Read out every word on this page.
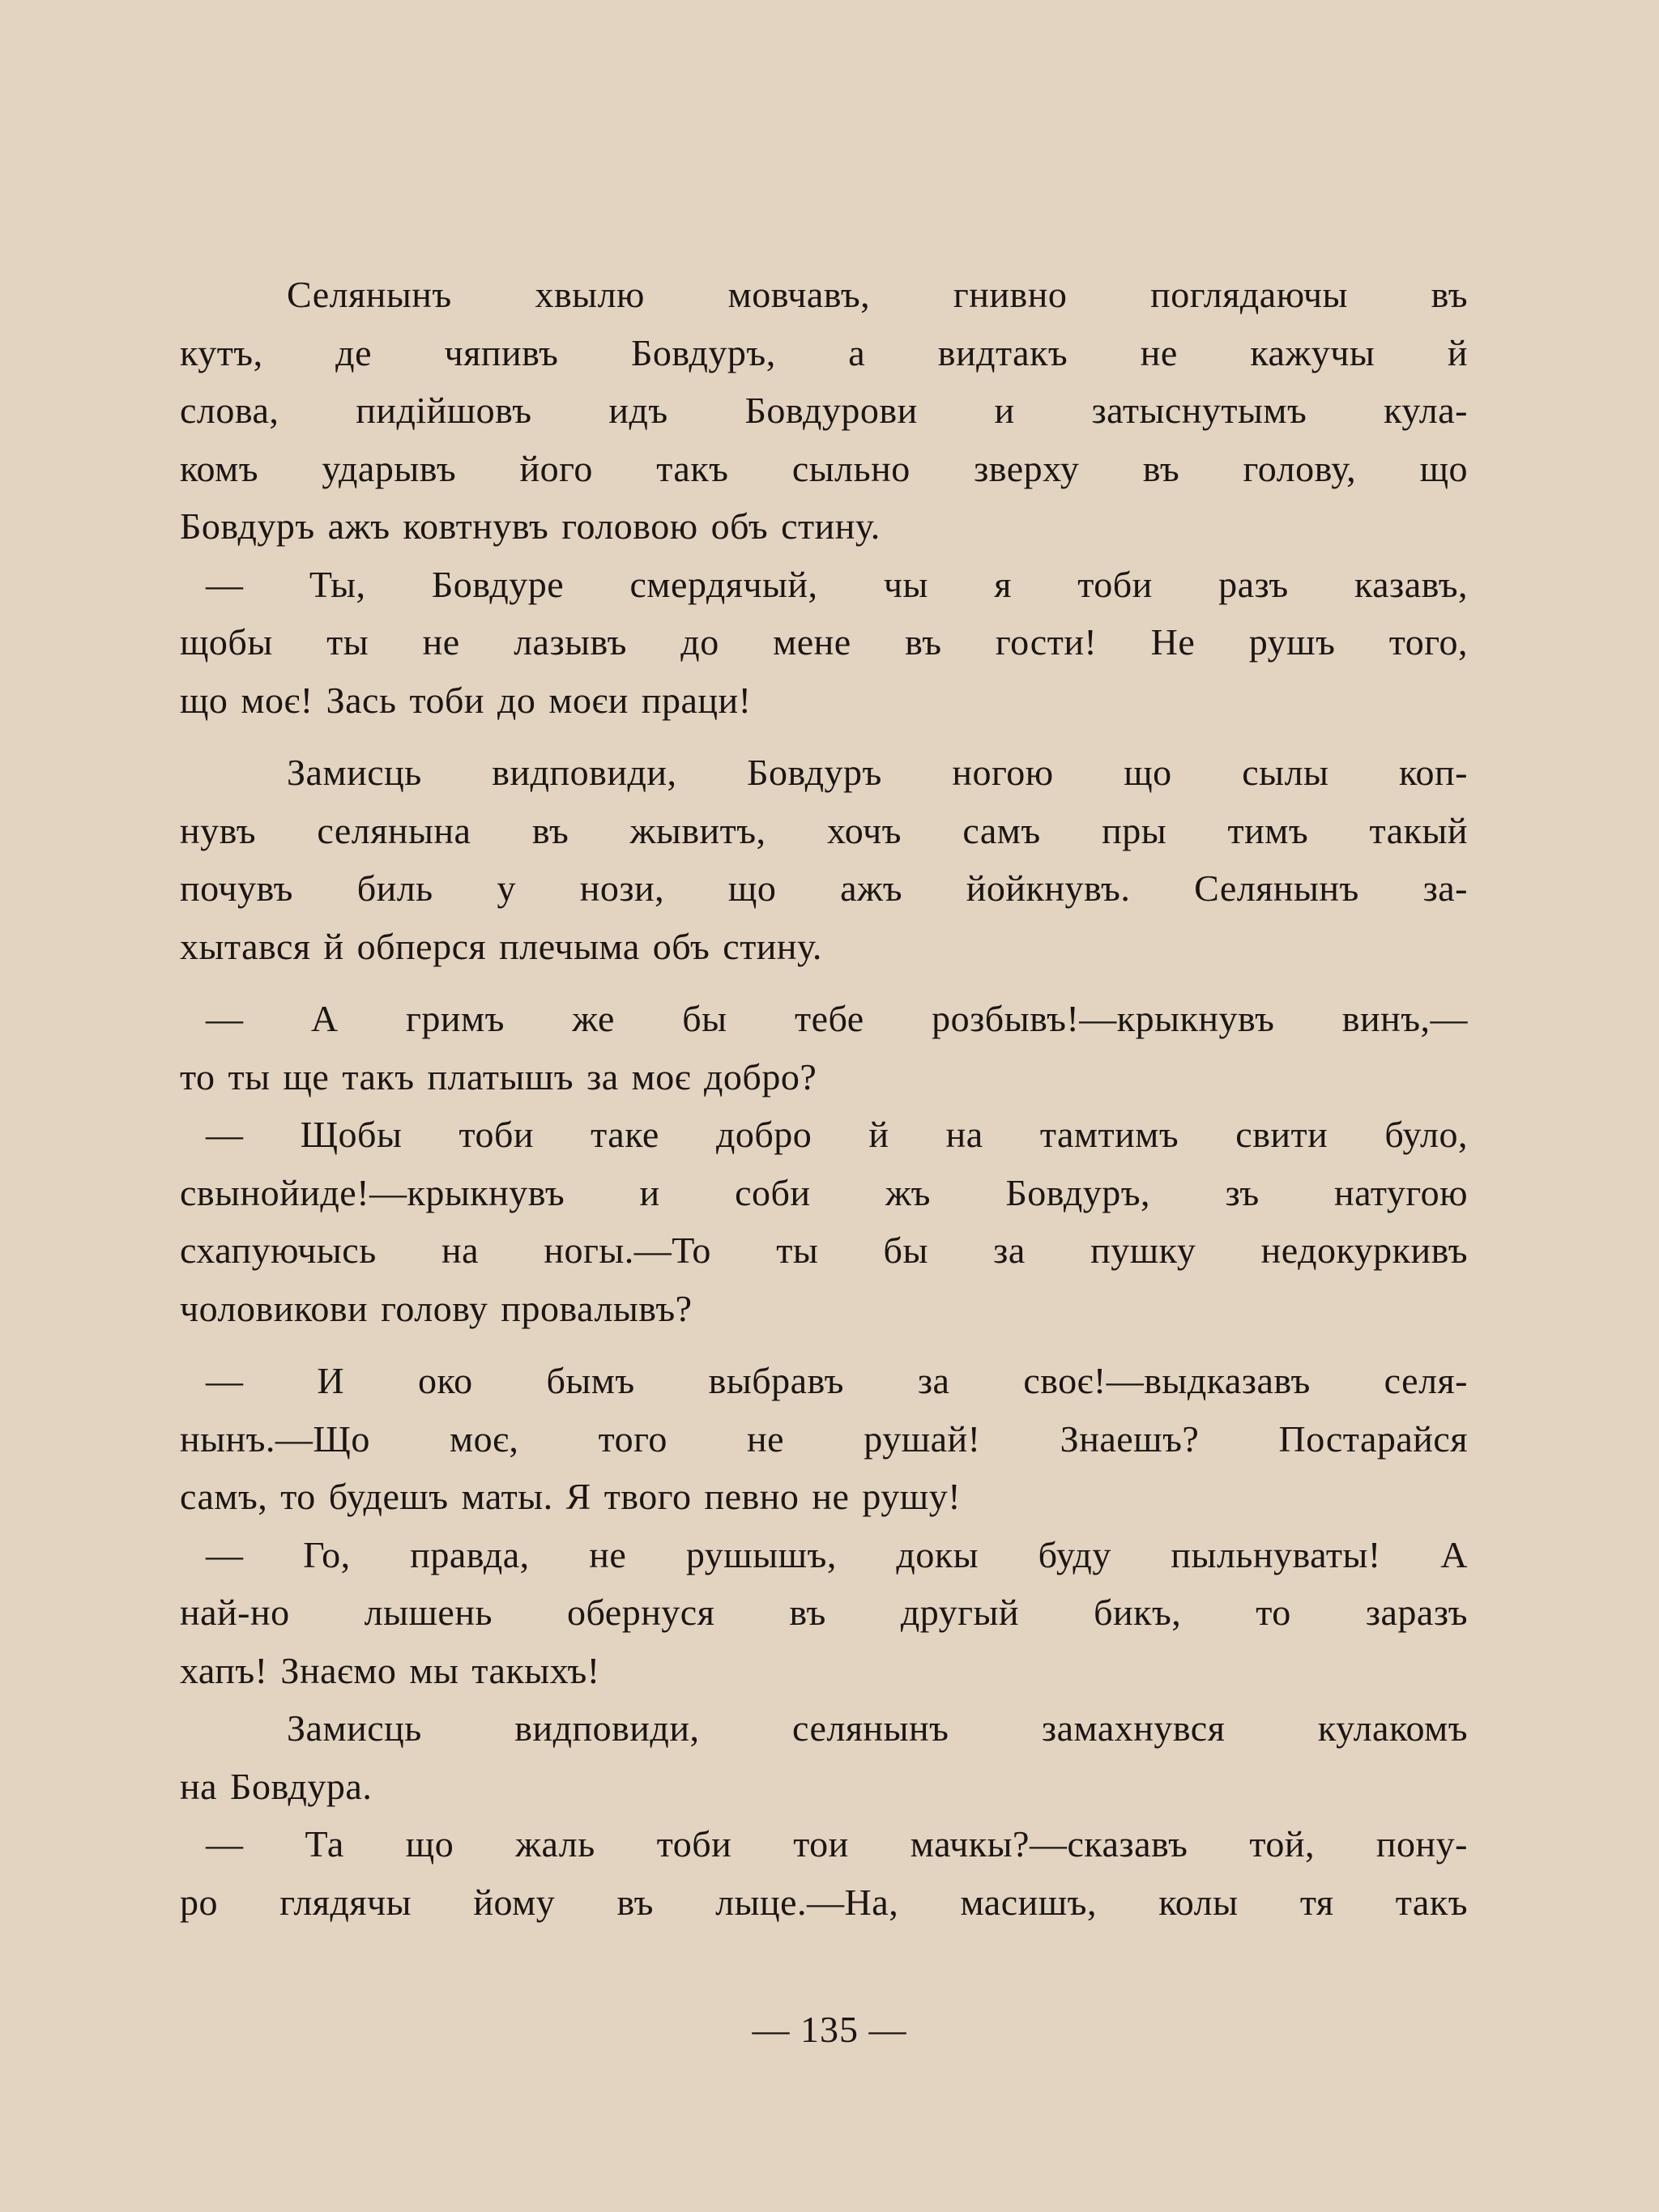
Селянынъ хвылю мовчавъ, гнивно поглядаючы въ
кутъ, де чяпивъ Бовдуръ, а видтакъ не кажучы й
слова, пидійшовъ идъ Бовдурови и затыснутымъ кула-
комъ ударывъ його такъ сыльно зверху въ голову, що
Бовдуръ ажъ ковтнувъ головою объ стину.
— Ты, Бовдуре смердячый, чы я тоби разъ казавъ,
щобы ты не лазывъ до мене въ гости! Не рушъ того,
що моє! Зась тоби до моєи праци!
Замисць видповиди, Бовдуръ ногою що сылы коп-
нувъ селянына въ жывитъ, хочъ самъ пры тимъ такый
почувъ биль у нози, що ажъ йойкнувъ. Селянынъ за-
хытався й обперся плечыма объ стину.
— А гримъ же бы тебе розбывъ!—крыкнувъ винъ,—
то ты ще такъ платышъ за моє добро?
— Щобы тоби таке добро й на тамтимъ свити було,
свынойиде!—крыкнувъ и соби жъ Бовдуръ, зъ натугою
схапуючысь на ногы.—То ты бы за пушку недокуркивъ
чоловикови голову провалывъ?
— И око бымъ выбравъ за своє!—выдказавъ селя-
нынъ.—Що моє, того не рушай! Знаешъ? Постарайся
самъ, то будешъ маты. Я твого певно не рушу!
— Го, правда, не рушышъ, докы буду пыльнуваты! А
най-но лышень обернуся въ другый бикъ, то заразъ
хапъ! Знаємо мы такыхъ!
Замисць видповиди, селянынъ замахнувся кулакомъ
на Бовдура.
— Та що жаль тоби тои мачкы?—сказавъ той, пону-
ро глядячы йому въ лыце.—На, масишъ, колы тя такъ
— 135 —
